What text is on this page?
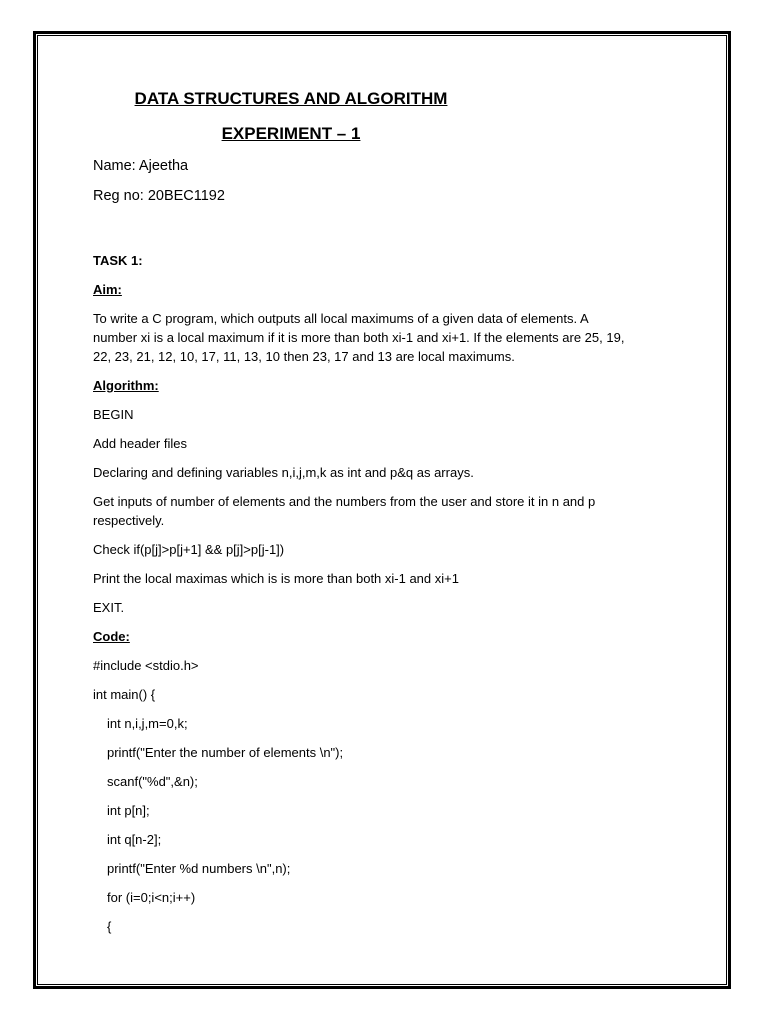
DATA STRUCTURES AND ALGORITHM
EXPERIMENT – 1
Name: Ajeetha
Reg no: 20BEC1192
TASK 1:
Aim:
To write a C program, which outputs all local maximums of a given data of elements. A
number xi is a local maximum if it is more than both xi-1 and xi+1. If the elements are 25, 19,
22, 23, 21, 12, 10, 17, 11, 13, 10 then 23, 17 and 13 are local maximums.
Algorithm:
BEGIN
Add header files
Declaring and defining variables n,i,j,m,k as int and p&q as arrays.
Get inputs of number of elements and the numbers from the user and store it in n and p
respectively.
Check if(p[j]>p[j+1] && p[j]>p[j-1])
Print the local maximas which is is more than both xi-1 and xi+1
EXIT.
Code:
#include <stdio.h>
int main() {
int n,i,j,m=0,k;
printf("Enter the number of elements \n");
scanf("%d",&n);
int p[n];
int q[n-2];
printf("Enter %d numbers \n",n);
for (i=0;i<n;i++)
{
